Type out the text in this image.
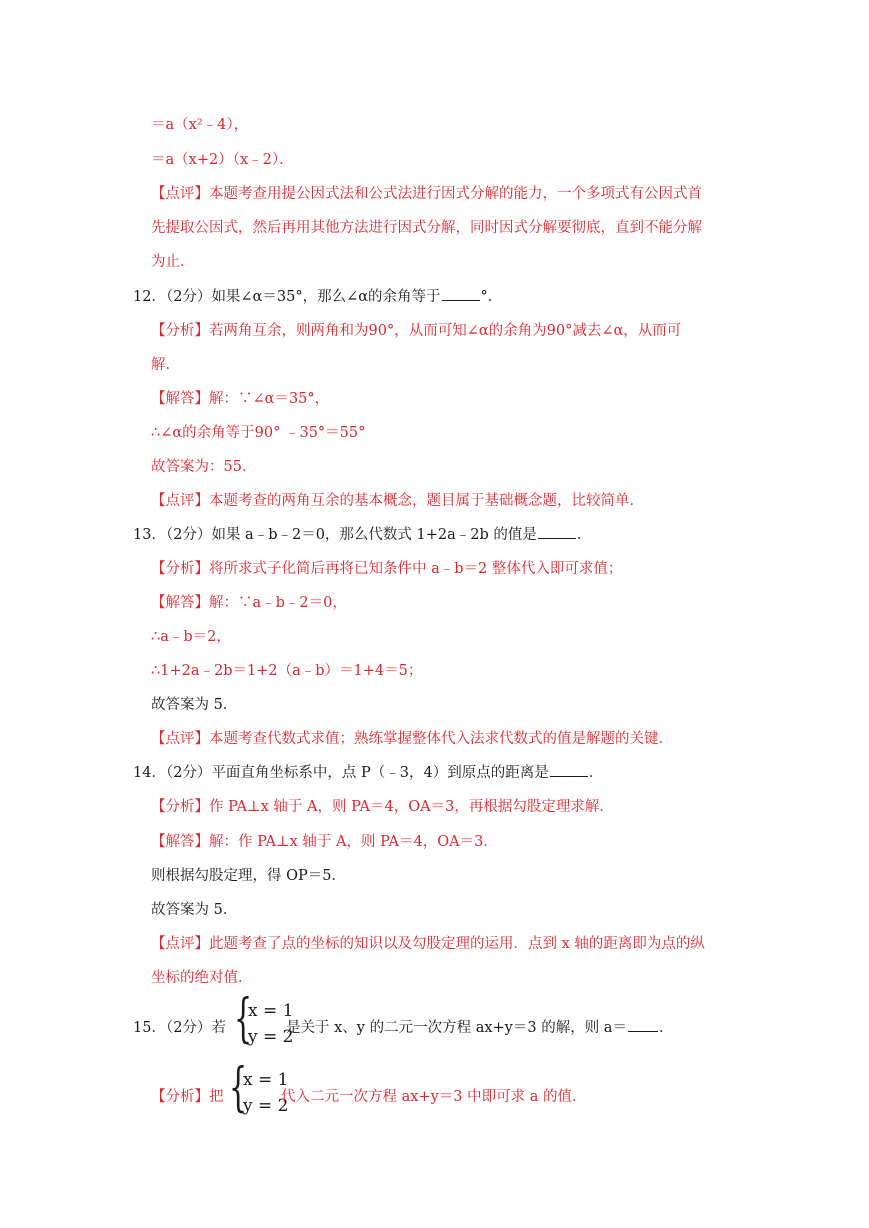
＝a（x²﹣4），
＝a（x+2）（x﹣2）．
【点评】本题考查用提公因式法和公式法进行因式分解的能力，一个多项式有公因式首
先提取公因式，然后再用其他方法进行因式分解，同时因式分解要彻底，直到不能分解
为止．
12．（2分）如果∠α＝35°，那么∠α的余角等于	°．
【分析】若两角互余，则两角和为90°，从而可知∠α的余角为90°减去∠α，从而可
解．
【解答】解：∵∠α＝35°，
∴∠α的余角等于90° ﹣35°＝55°
故答案为：55．
【点评】本题考查的两角互余的基本概念，题目属于基础概念题，比较简单．
13．（2分）如果 a﹣b﹣2＝0，那么代数式 1+2a﹣2b 的值是	．
【分析】将所求式子化简后再将已知条件中 a﹣b＝2 整体代入即可求值；
【解答】解：∵a﹣b﹣2＝0，
∴a﹣b＝2，
∴1+2a﹣2b＝1+2（a﹣b）＝1+4＝5；
故答案为 5．
【点评】本题考查代数式求值；熟练掌握整体代入法求代数式的值是解题的关键．
14．（2分）平面直角坐标系中，点 P（﹣3，4）到原点的距离是	．
【分析】作 PA⊥x 轴于 A，则 PA＝4，OA＝3，再根据勾股定理求解．
【解答】解：作 PA⊥x 轴于 A，则 PA＝4，OA＝3．
则根据勾股定理，得 OP＝5．
故答案为 5．
【点评】此题考查了点的坐标的知识以及勾股定理的运用．点到 x 轴的距离即为点的纵
坐标的绝对值．
15．（2分）若 {
x = 1
y = 2
是关于 x、y 的二元一次方程 ax+y＝3 的解，则 a＝ ．
【分析】把 {
x = 1
y = 2
代入二元一次方程 ax+y＝3 中即可求 a 的值．
